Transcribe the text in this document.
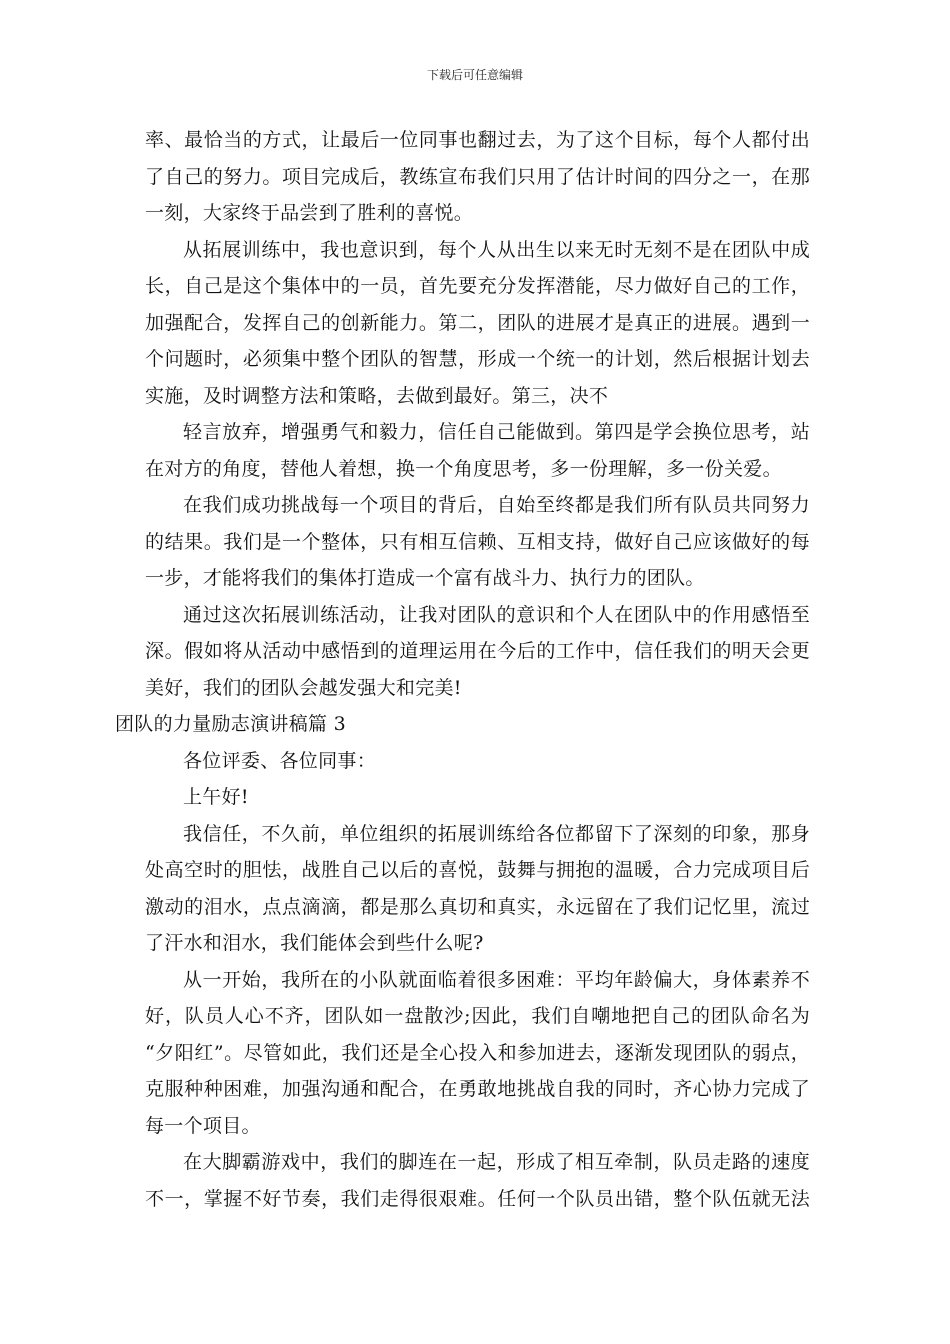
下载后可任意编辑
率、最恰当的方式，让最后一位同事也翻过去，为了这个目标，每个人都付出
了自己的努力。项目完成后，教练宣布我们只用了估计时间的四分之一，在那
一刻，大家终于品尝到了胜利的喜悦。
从拓展训练中，我也意识到，每个人从出生以来无时无刻不是在团队中成
长，自己是这个集体中的一员，首先要充分发挥潜能，尽力做好自己的工作，
加强配合，发挥自己的创新能力。第二，团队的进展才是真正的进展。遇到一
个问题时，必须集中整个团队的智慧，形成一个统一的计划，然后根据计划去
实施，及时调整方法和策略，去做到最好。第三，决不
轻言放弃，增强勇气和毅力，信任自己能做到。第四是学会换位思考，站
在对方的角度，替他人着想，换一个角度思考，多一份理解，多一份关爱。
在我们成功挑战每一个项目的背后，自始至终都是我们所有队员共同努力
的结果。我们是一个整体，只有相互信赖、互相支持，做好自己应该做好的每
一步，才能将我们的集体打造成一个富有战斗力、执行力的团队。
通过这次拓展训练活动，让我对团队的意识和个人在团队中的作用感悟至
深。假如将从活动中感悟到的道理运用在今后的工作中，信任我们的明天会更
美好，我们的团队会越发强大和完美!
团队的力量励志演讲稿篇 3
各位评委、各位同事：
上午好!
我信任，不久前，单位组织的拓展训练给各位都留下了深刻的印象，那身
处高空时的胆怯，战胜自己以后的喜悦，鼓舞与拥抱的温暖，合力完成项目后
激动的泪水，点点滴滴，都是那么真切和真实，永远留在了我们记忆里，流过
了汗水和泪水，我们能体会到些什么呢?
从一开始，我所在的小队就面临着很多困难：平均年龄偏大，身体素养不
好，队员人心不齐，团队如一盘散沙;因此，我们自嘲地把自己的团队命名为
“夕阳红”。尽管如此，我们还是全心投入和参加进去，逐渐发现团队的弱点，
克服种种困难，加强沟通和配合，在勇敢地挑战自我的同时，齐心协力完成了
每一个项目。
在大脚霸游戏中，我们的脚连在一起，形成了相互牵制，队员走路的速度
不一，掌握不好节奏，我们走得很艰难。任何一个队员出错，整个队伍就无法
